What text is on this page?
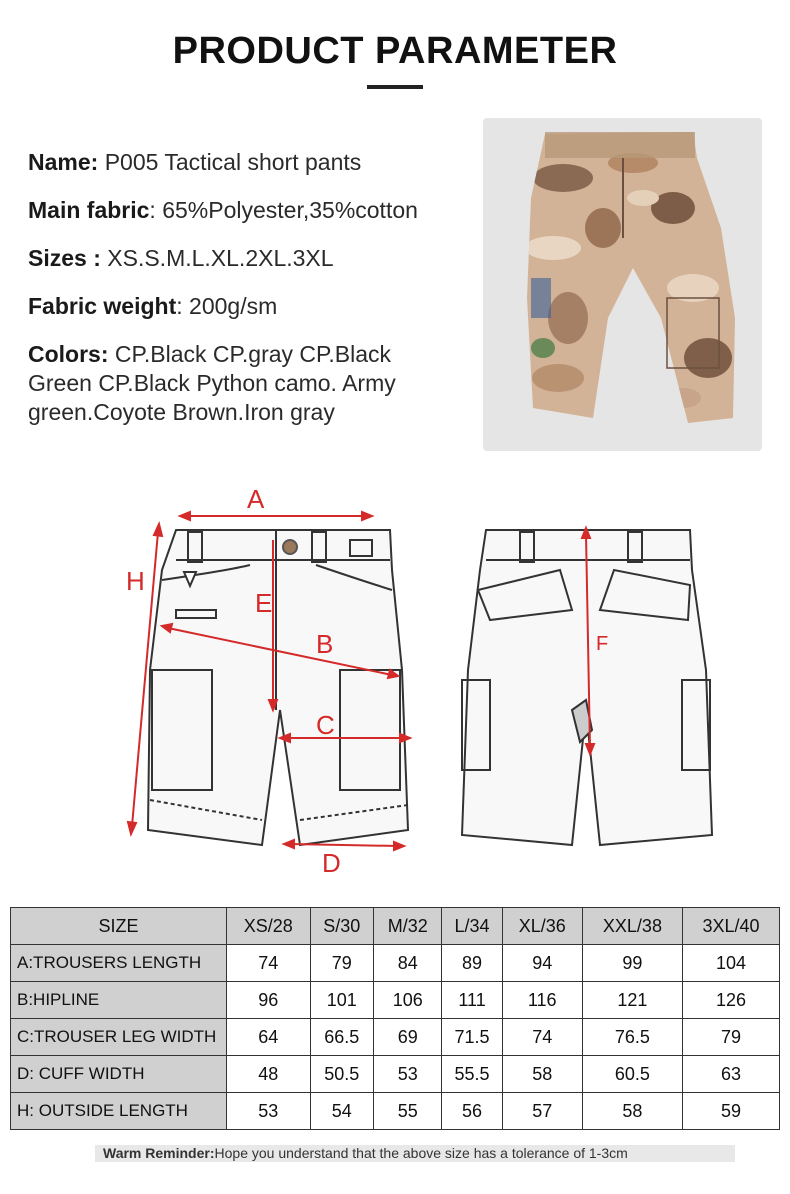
PRODUCT PARAMETER
Name: P005 Tactical short pants
Main fabric: 65%Polyester,35%cotton
Sizes : XS.S.M.L.XL.2XL.3XL
Fabric weight: 200g/sm
Colors: CP.Black CP.gray CP.Black Green CP.Black Python camo. Army green.Coyote Brown.Iron gray
A
H
E
B
C
D
F
SIZE	XS/28	S/30	M/32	L/34	XL/36	XXL/38	3XL/40
A:TROUSERS LENGTH	74	79	84	89	94	99	104
B:HIPLINE	96	101	106	111	116	121	126
C:TROUSER LEG WIDTH	64	66.5	69	71.5	74	76.5	79
D: CUFF WIDTH	48	50.5	53	55.5	58	60.5	63
H: OUTSIDE LENGTH	53	54	55	56	57	58	59
Warm Reminder:Hope you understand that the above size has a tolerance of 1-3cm
